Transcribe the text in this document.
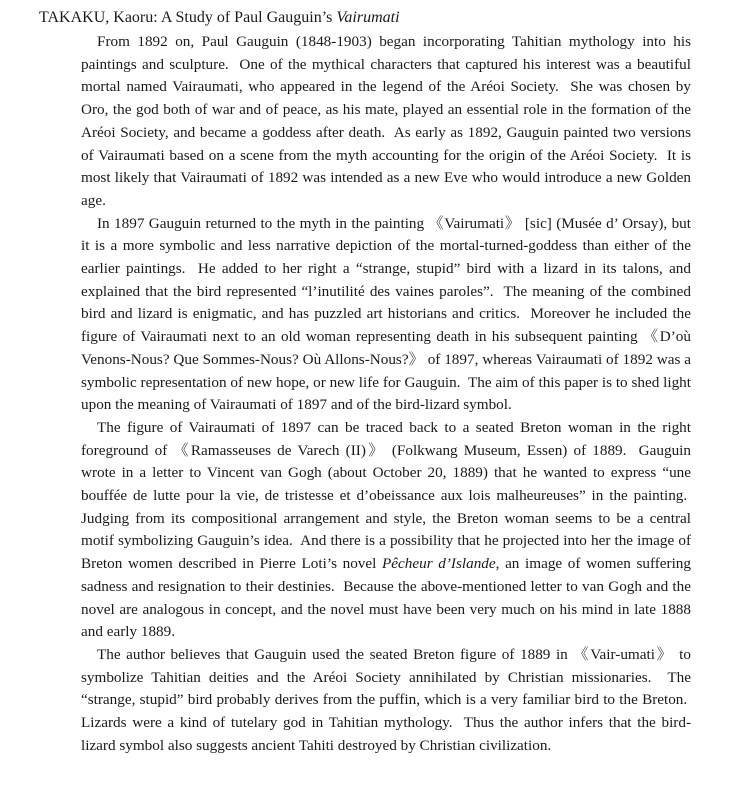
TAKAKU, Kaoru: A Study of Paul Gauguin’s Vairumati

From 1892 on, Paul Gauguin (1848-1903) began incorporating Tahitian mythology into his paintings and sculpture.  One of the mythical characters that captured his interest was a beautiful mortal named Vairaumati, who appeared in the legend of the Aréoi Society.  She was chosen by Oro, the god both of war and of peace, as his mate, played an essential role in the formation of the Aréoi Society, and became a goddess after death.  As early as 1892, Gauguin painted two versions of Vairaumati based on a scene from the myth accounting for the origin of the Aréoi Society.  It is most likely that Vairaumati of 1892 was intended as a new Eve who would introduce a new Golden age.

In 1897 Gauguin returned to the myth in the painting 《Vairumati》 [sic] (Musée d’ Orsay), but it is a more symbolic and less narrative depiction of the mortal-turned-goddess than either of the earlier paintings.  He added to her right a “strange, stupid” bird with a lizard in its talons, and explained that the bird represented “l’inutilité des vaines paroles”.  The meaning of the combined bird and lizard is enigmatic, and has puzzled art historians and critics.  Moreover he included the figure of Vairaumati next to an old woman representing death in his subsequent painting 《D’où Venons-Nous? Que Sommes-Nous? Où Allons-Nous?》 of 1897, whereas Vairaumati of 1892 was a symbolic representation of new hope, or new life for Gauguin.  The aim of this paper is to shed light upon the meaning of Vairaumati of 1897 and of the bird-lizard symbol.

The figure of Vairaumati of 1897 can be traced back to a seated Breton woman in the right foreground of 《Ramasseuses de Varech (II)》 (Folkwang Museum, Essen) of 1889.  Gauguin wrote in a letter to Vincent van Gogh (about October 20, 1889) that he wanted to express “une bouffée de lutte pour la vie, de tristesse et d’obeissance aux lois malheureuses” in the painting.  Judging from its compositional arrangement and style, the Breton woman seems to be a central motif symbolizing Gauguin’s idea.  And there is a possibility that he projected into her the image of Breton women described in Pierre Loti’s novel Pêcheur d’Islande, an image of women suffering sadness and resignation to their destinies.  Because the above-mentioned letter to van Gogh and the novel are analogous in concept, and the novel must have been very much on his mind in late 1888 and early 1889.

The author believes that Gauguin used the seated Breton figure of 1889 in 《Vair-umati》 to symbolize Tahitian deities and the Aréoi Society annihilated by Christian missionaries.  The “strange, stupid” bird probably derives from the puffin, which is a very familiar bird to the Breton.  Lizards were a kind of tutelary god in Tahitian mythology.  Thus the author infers that the bird-lizard symbol also suggests ancient Tahiti destroyed by Christian civilization.
